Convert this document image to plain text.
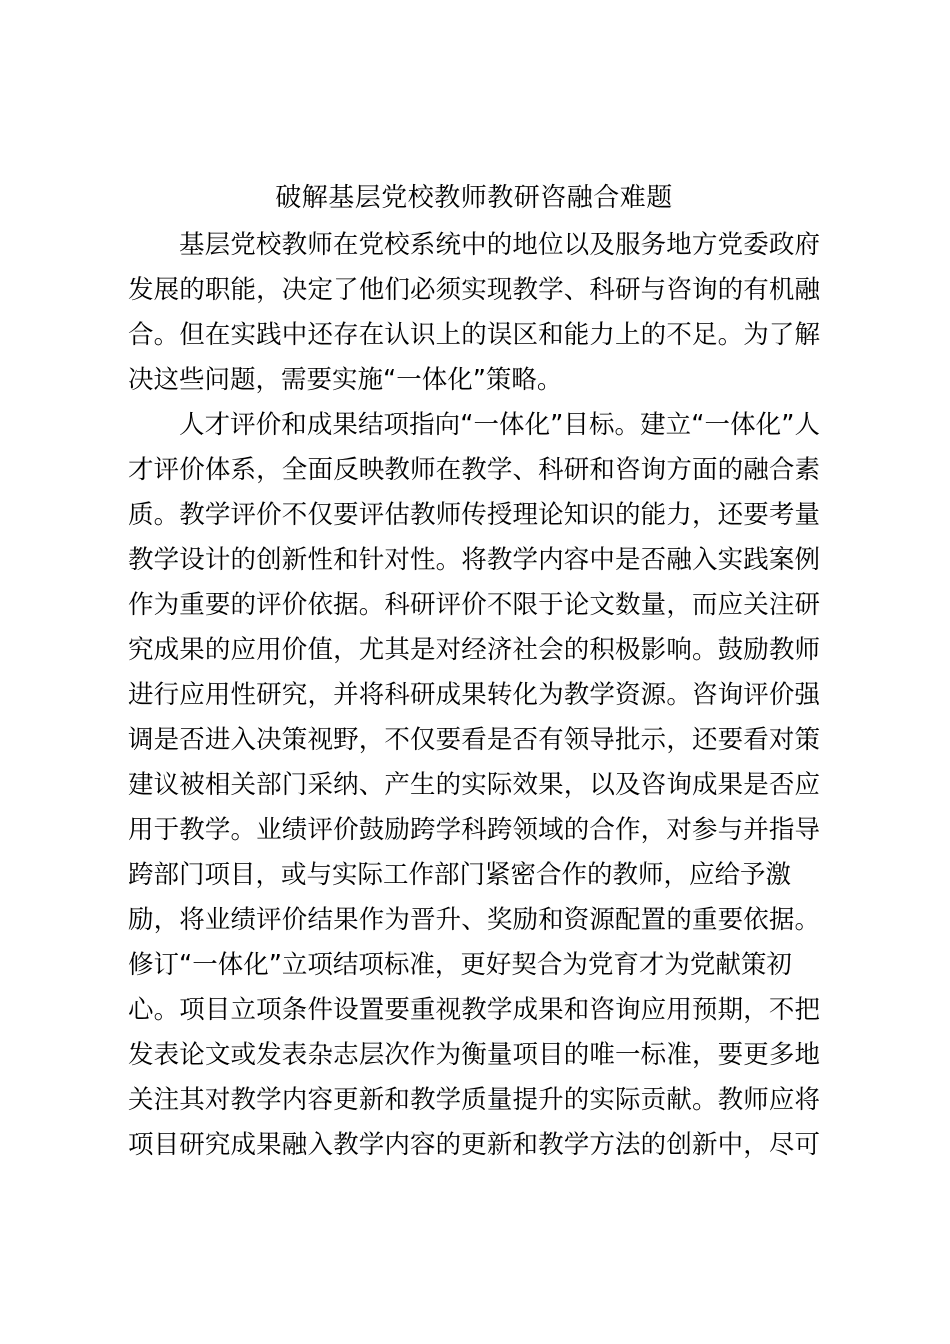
破解基层党校教师教研咨融合难题
基层党校教师在党校系统中的地位以及服务地方党委政府
发展的职能，决定了他们必须实现教学、科研与咨询的有机融
合。但在实践中还存在认识上的误区和能力上的不足。为了解
决这些问题，需要实施“一体化”策略。
人才评价和成果结项指向“一体化”目标。建立“一体化”人
才评价体系，全面反映教师在教学、科研和咨询方面的融合素
质。教学评价不仅要评估教师传授理论知识的能力，还要考量
教学设计的创新性和针对性。将教学内容中是否融入实践案例
作为重要的评价依据。科研评价不限于论文数量，而应关注研
究成果的应用价值，尤其是对经济社会的积极影响。鼓励教师
进行应用性研究，并将科研成果转化为教学资源。咨询评价强
调是否进入决策视野，不仅要看是否有领导批示，还要看对策
建议被相关部门采纳、产生的实际效果，以及咨询成果是否应
用于教学。业绩评价鼓励跨学科跨领域的合作，对参与并指导
跨部门项目，或与实际工作部门紧密合作的教师，应给予激
励，将业绩评价结果作为晋升、奖励和资源配置的重要依据。
修订“一体化”立项结项标准，更好契合为党育才为党献策初
心。项目立项条件设置要重视教学成果和咨询应用预期，不把
发表论文或发表杂志层次作为衡量项目的唯一标准，要更多地
关注其对教学内容更新和教学质量提升的实际贡献。教师应将
项目研究成果融入教学内容的更新和教学方法的创新中，尽可
